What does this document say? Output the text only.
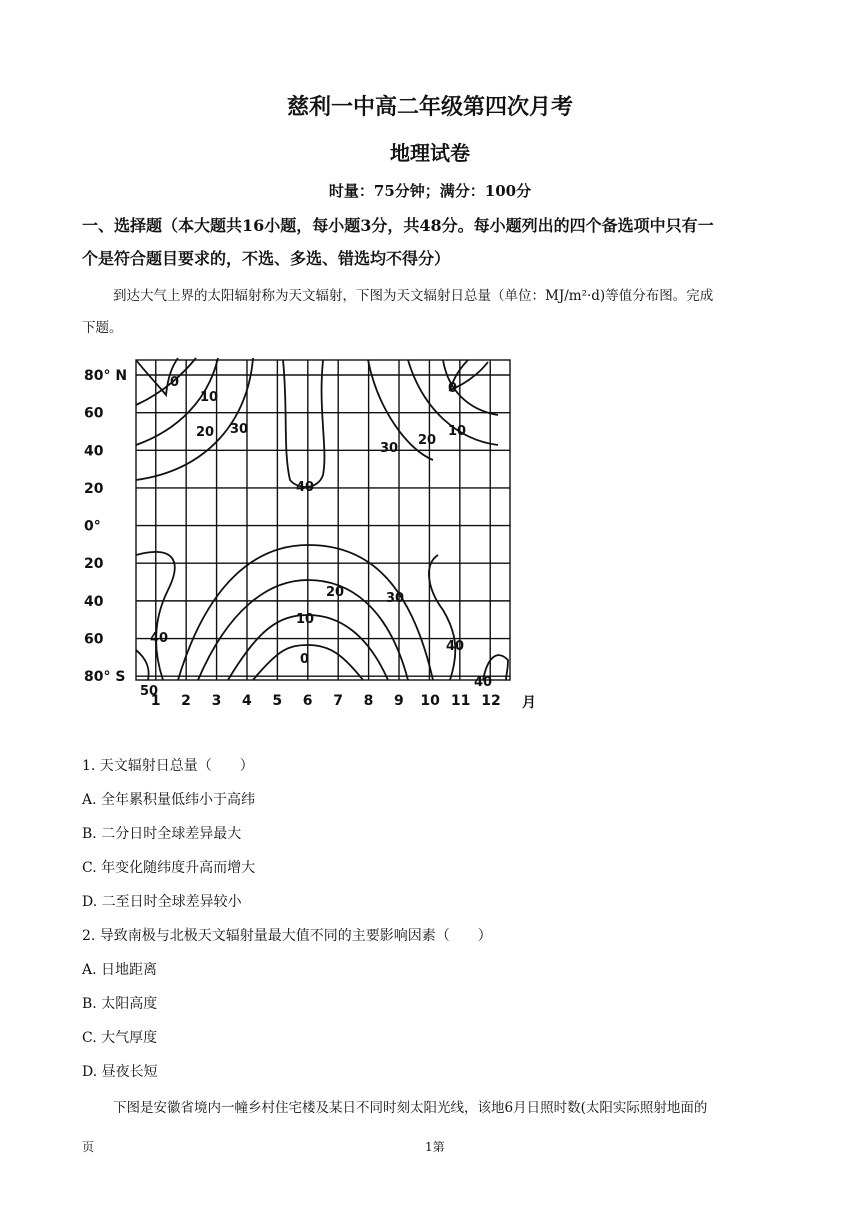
慈利一中高二年级第四次月考
地理试卷
时量：75分钟；满分：100分
一、选择题（本大题共16小题，每小题3分，共48分。每小题列出的四个备选项中只有一
个是符合题目要求的，不选、多选、错选均不得分）
到达大气上界的太阳辐射称为天文辐射，下图为天文辐射日总量（单位：MJ/m²·d)等值分布图。完成
下题。
0
10
20 30
40
30
20
10
0
40
20	30
10
0
40
50
40
80° N
60
40
20
0°
20
40
60
80° S
1 2 3 4 5 6 7 8 9 10 11 12 月
1. 天文辐射日总量（　　）
A. 全年累积量低纬小于高纬
B. 二分日时全球差异最大
C. 年变化随纬度升高而增大
D. 二至日时全球差异较小
2. 导致南极与北极天文辐射量最大值不同的主要影响因素（　　）
A. 日地距离
B. 太阳高度
C. 大气厚度
D. 昼夜长短
下图是安徽省境内一幢乡村住宅楼及某日不同时刻太阳光线，该地6月日照时数(太阳实际照射地面的
页	1第
